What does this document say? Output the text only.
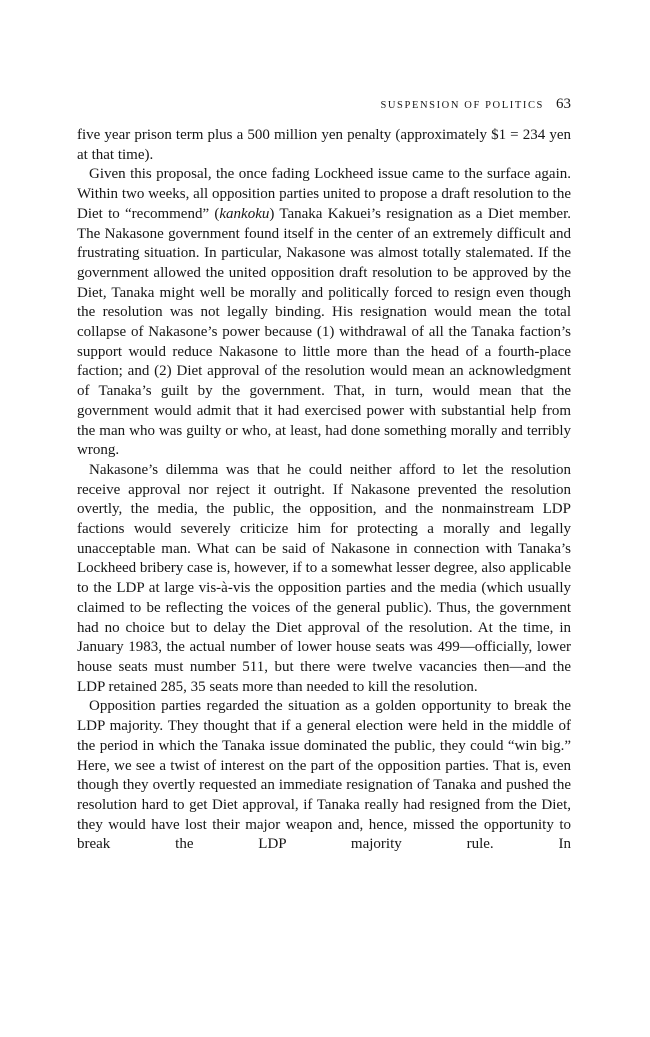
SUSPENSION OF POLITICS 63

five year prison term plus a 500 million yen penalty (approximately $1 = 234 yen at that time).

Given this proposal, the once fading Lockheed issue came to the surface again. Within two weeks, all opposition parties united to propose a draft resolution to the Diet to “recommend” (kankoku) Tanaka Kakuei’s resignation as a Diet member. The Nakasone government found itself in the center of an extremely difficult and frustrating situation. In particular, Nakasone was almost totally stalemated. If the government allowed the united opposition draft resolution to be approved by the Diet, Tanaka might well be morally and politically forced to resign even though the resolution was not legally binding. His resignation would mean the total collapse of Nakasone’s power because (1) withdrawal of all the Tanaka faction’s support would reduce Nakasone to little more than the head of a fourth-place faction; and (2) Diet approval of the resolution would mean an acknowledgment of Tanaka’s guilt by the government. That, in turn, would mean that the government would admit that it had exercised power with substantial help from the man who was guilty or who, at least, had done something morally and terribly wrong.

Nakasone’s dilemma was that he could neither afford to let the resolution receive approval nor reject it outright. If Nakasone prevented the resolution overtly, the media, the public, the opposition, and the nonmainstream LDP factions would severely criticize him for protecting a morally and legally unacceptable man. What can be said of Nakasone in connection with Tanaka’s Lockheed bribery case is, however, if to a somewhat lesser degree, also applicable to the LDP at large vis-à-vis the opposition parties and the media (which usually claimed to be reflecting the voices of the general public). Thus, the government had no choice but to delay the Diet approval of the resolution. At the time, in January 1983, the actual number of lower house seats was 499—officially, lower house seats must number 511, but there were twelve vacancies then—and the LDP retained 285, 35 seats more than needed to kill the resolution.

Opposition parties regarded the situation as a golden opportunity to break the LDP majority. They thought that if a general election were held in the middle of the period in which the Tanaka issue dominated the public, they could “win big.” Here, we see a twist of interest on the part of the opposition parties. That is, even though they overtly requested an immediate resignation of Tanaka and pushed the resolution hard to get Diet approval, if Tanaka really had resigned from the Diet, they would have lost their major weapon and, hence, missed the opportunity to break the LDP majority rule. In
